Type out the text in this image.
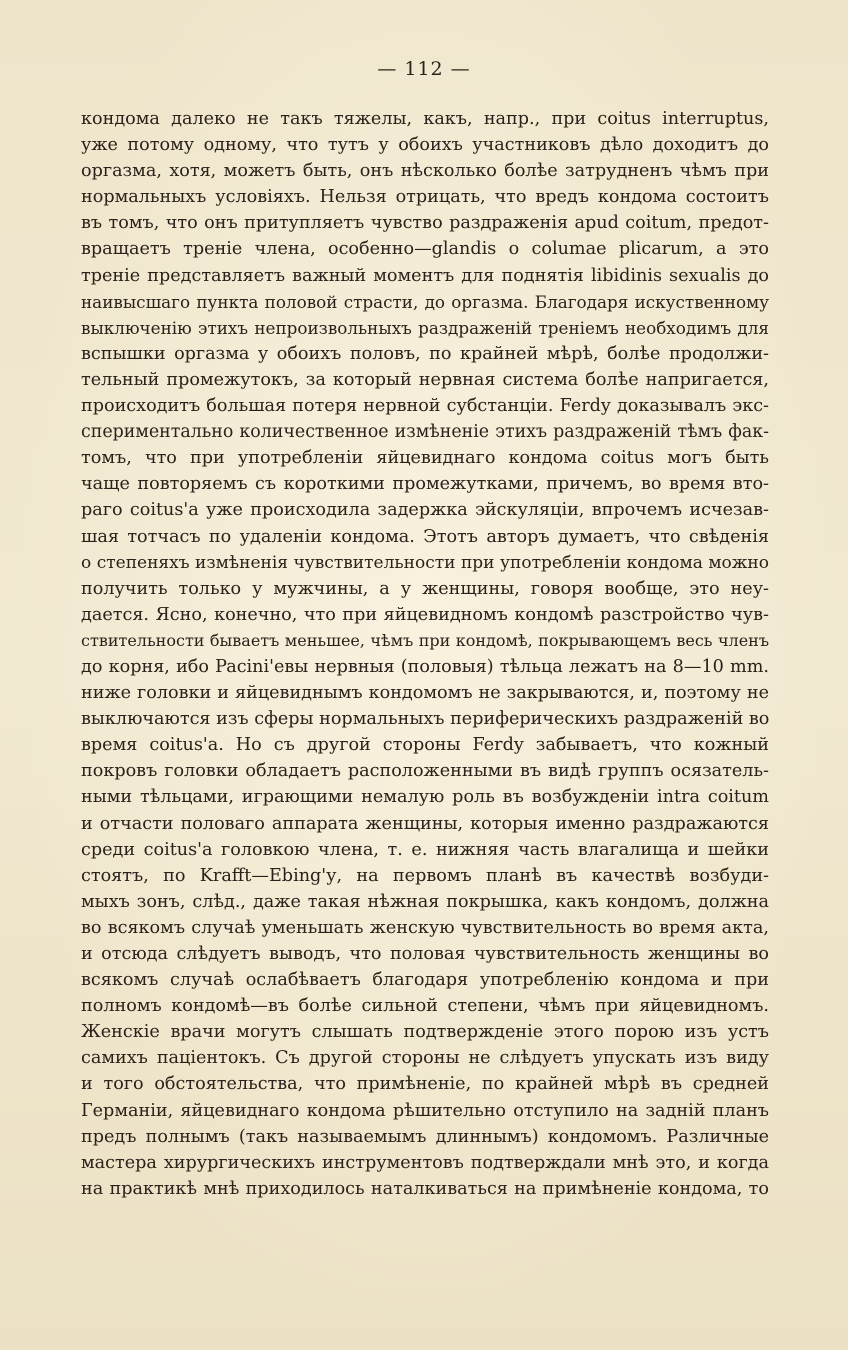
— 112 —
кондома далеко не такъ тяжелы, какъ, напр., при coitus interruptus,
уже потому одному, что тутъ у обоихъ участниковъ дѣло доходитъ до
оргазма, хотя, можетъ быть, онъ нѣсколько болѣе затрудненъ чѣмъ при
нормальныхъ условіяхъ. Нельзя отрицать, что вредъ кондома состоитъ
въ томъ, что онъ притупляетъ чувство раздраженія apud coitum, предот-
вращаетъ треніе члена, особенно—glandis o columae plicarum, а это
треніе представляетъ важный моментъ для поднятія libidinis sexualis до
наивысшаго пункта половой страсти, до оргазма. Благодаря искуственному
выключенію этихъ непроизвольныхъ раздраженій треніемъ необходимъ для
вспышки оргазма у обоихъ половъ, по крайней мѣрѣ, болѣе продолжи-
тельный промежутокъ, за который нервная система болѣе напригается,
происходитъ большая потеря нервной субстанціи. Ferdy доказывалъ экс-
спериментально количественное измѣненіе этихъ раздраженій тѣмъ фак-
томъ, что при употребленіи яйцевиднаго кондома coitus могъ быть
чаще повторяемъ съ короткими промежутками, причемъ, во время вто-
раго coitus'а уже происходила задержка эйскуляціи, впрочемъ исчезав-
шая тотчасъ по удаленіи кондома. Этотъ авторъ думаетъ, что свѣденія
о степеняхъ измѣненія чувствительности при употребленіи кондома можно
получить только у мужчины, а у женщины, говоря вообще, это неу-
дается. Ясно, конечно, что при яйцевидномъ кондомѣ разстройство чув-
ствительности бываетъ меньшее, чѣмъ при кондомѣ, покрывающемъ весь членъ
до корня, ибо Pacini'евы нервныя (половыя) тѣльца лежатъ на 8—10 mm.
ниже головки и яйцевиднымъ кондомомъ не закрываются, и, поэтому не
выключаются изъ сферы нормальныхъ периферическихъ раздраженій во
время coitus'а. Но съ другой стороны Ferdy забываетъ, что кожный
покровъ головки обладаетъ расположенными въ видѣ группъ осязатель-
ными тѣльцами, играющими немалую роль въ возбужденіи intra coitum
и отчасти половаго аппарата женщины, которыя именно раздражаются
среди coitus'а головкою члена, т. е. нижняя часть влагалища и шейки
стоятъ, по Krafft—Ebing'у, на первомъ планѣ въ качествѣ возбуди-
мыхъ зонъ, слѣд., даже такая нѣжная покрышка, какъ кондомъ, должна
во всякомъ случаѣ уменьшать женскую чувствительность во время акта,
и отсюда слѣдуетъ выводъ, что половая чувствительность женщины во
всякомъ случаѣ ослабѣваетъ благодаря употребленію кондома и при
полномъ кондомѣ—въ болѣе сильной степени, чѣмъ при яйцевидномъ.
Женскіе врачи могутъ слышать подтвержденіе этого порою изъ устъ
самихъ паціентокъ. Съ другой стороны не слѣдуетъ упускать изъ виду
и того обстоятельства, что примѣненіе, по крайней мѣрѣ въ средней
Германіи, яйцевиднаго кондома рѣшительно отступило на задній планъ
предъ полнымъ (такъ называемымъ длиннымъ) кондомомъ. Различные
мастера хирургическихъ инструментовъ подтверждали мнѣ это, и когда
на практикѣ мнѣ приходилось наталкиваться на примѣненіе кондома, то
